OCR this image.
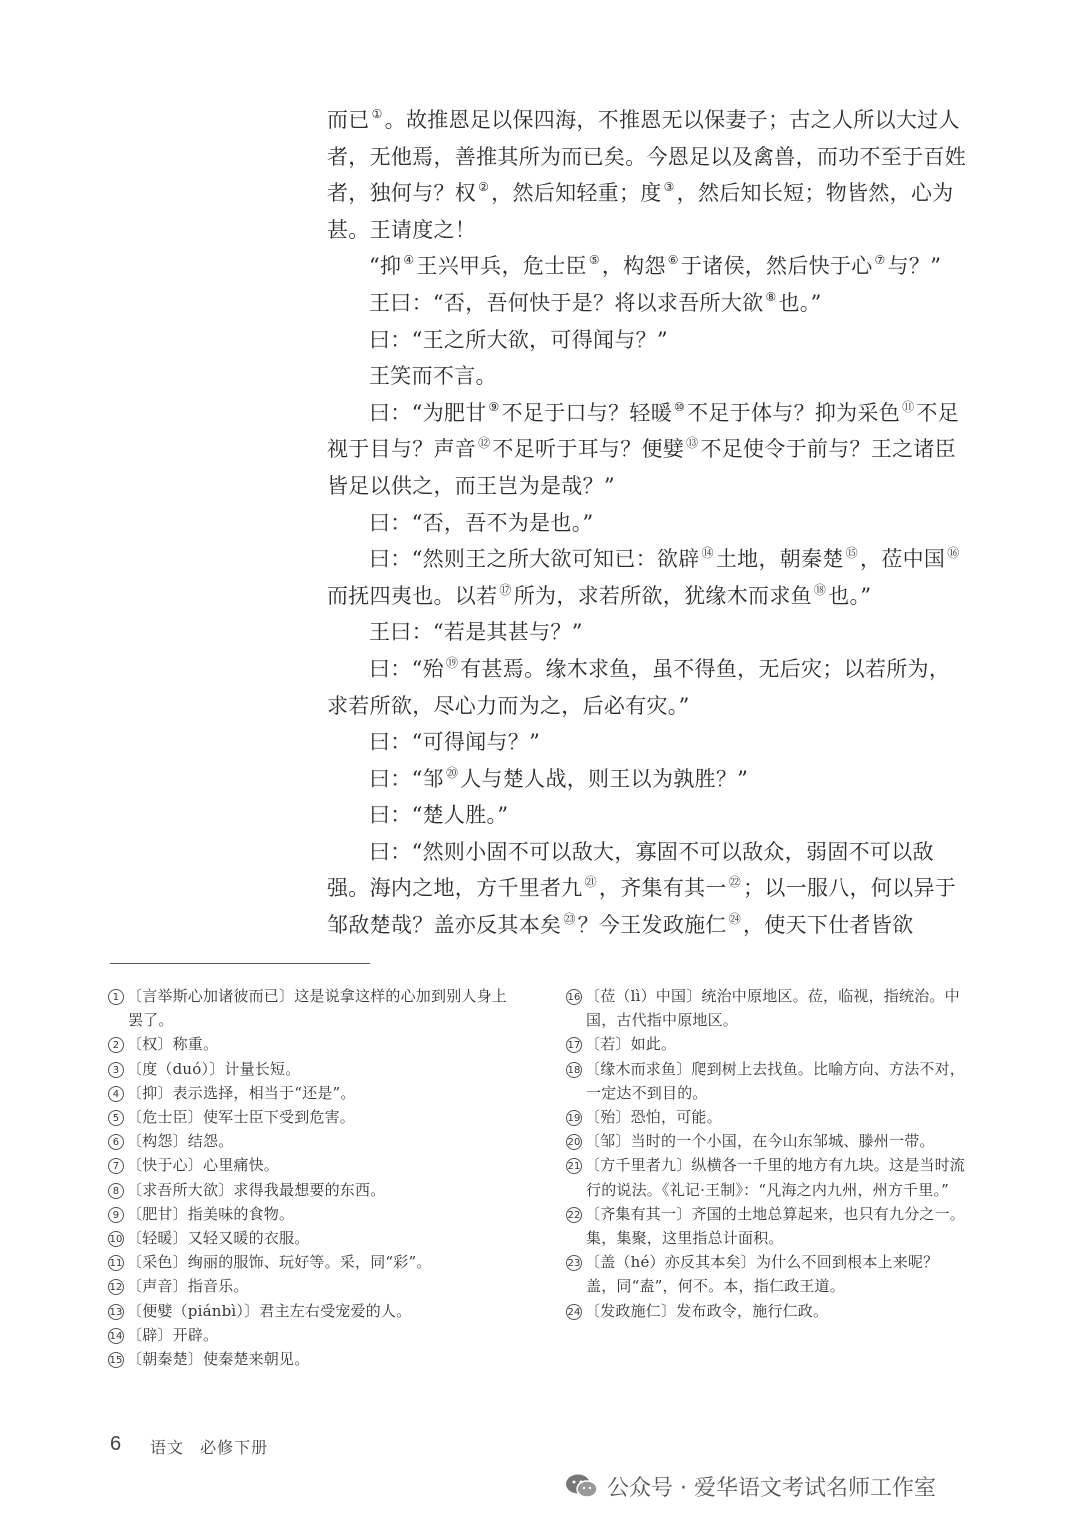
而已 ①。故推恩足以保四海，不推恩无以保妻子；古之人所以大过人者，无他焉，善推其所为而已矣。今恩足以及禽兽，而功不至于百姓者，独何与？权 ②，然后知轻重；度 ③，然后知长短；物皆然，心为甚。王请度之！

“抑 ④王兴甲兵，危士臣 ⑤，构怨 ⑥于诸侯，然后快于心 ⑦与？”

王曰：“否，吾何快于是？将以求吾所大欲 ⑧也。”

曰：“王之所大欲，可得闻与？”

王笑而不言。

曰：“为肥甘 ⑨不足于口与？轻暖 ⑩不足于体与？抑为采色 ⑪不足视于目与？声音 ⑫不足听于耳与？便嬖 ⑬不足使令于前与？王之诸臣皆足以供之，而王岂为是哉？”

曰：“否，吾不为是也。”

曰：“然则王之所大欲可知已：欲辟 ⑭土地，朝秦楚 ⑮，莅中国 ⑯而抚四夷也。以若 ⑰所为，求若所欲，犹缘木而求鱼 ⑱也。”

王曰：“若是其甚与？”

曰：“殆 ⑲有甚焉。缘木求鱼，虽不得鱼，无后灾；以若所为，求若所欲，尽心力而为之，后必有灾。”

曰：“可得闻与？”

曰：“邹 ⑳人与楚人战，则王以为孰胜？”

曰：“楚人胜。”

曰：“然则小固不可以敌大，寡固不可以敌众，弱固不可以敌强。海内之地，方千里者九 $^㉑$，齐集有其一 $^㉒$；以一服八，何以异于邹敌楚哉？盖亦反其本矣 $^㉓$？今王发政施仁 $^㉔$，使天下仕者皆欲

1 〔言举斯心加诸彼而已〕这是说拿这样的心加到别人身上罢了。
2 〔权〕称重。
3 〔度（duó）〕计量长短。
4 〔抑〕表示选择，相当于“还是”。
5 〔危士臣〕使军士臣下受到危害。
6 〔构怨〕结怨。
7 〔快于心〕心里痛快。
8 〔求吾所大欲〕求得我最想要的东西。
9 〔肥甘〕指美味的食物。
10 〔轻暖〕又轻又暖的衣服。
11 〔采色〕绚丽的服饰、玩好等。采，同“彩”。
12 〔声音〕指音乐。
13 〔便嬖（piánbì）〕君主左右受宠爱的人。
14 〔辟〕开辟。
15 〔朝秦楚〕使秦楚来朝见。
16 〔莅（lì）中国〕统治中原地区。莅，临视，指统治。中国，古代指中原地区。
17 〔若〕如此。
18 〔缘木而求鱼〕爬到树上去找鱼。比喻方向、方法不对，一定达不到目的。
19 〔殆〕恐怕，可能。
20 〔邹〕当时的一个小国，在今山东邹城、滕州一带。
21 〔方千里者九〕纵横各一千里的地方有九块。这是当时流行的说法。《礼记·王制》：“凡海之内九州，州方千里。”
22 〔齐集有其一〕齐国的土地总算起来，也只有九分之一。集，集聚，这里指总计面积。
23 〔盖（hé）亦反其本矣〕为什么不回到根本上来呢？盖，同“盍”，何不。本，指仁政王道。
24 〔发政施仁〕发布政令，施行仁政。
6 语文 必修下册
公众号 · 爱华语文考试名师工作室
